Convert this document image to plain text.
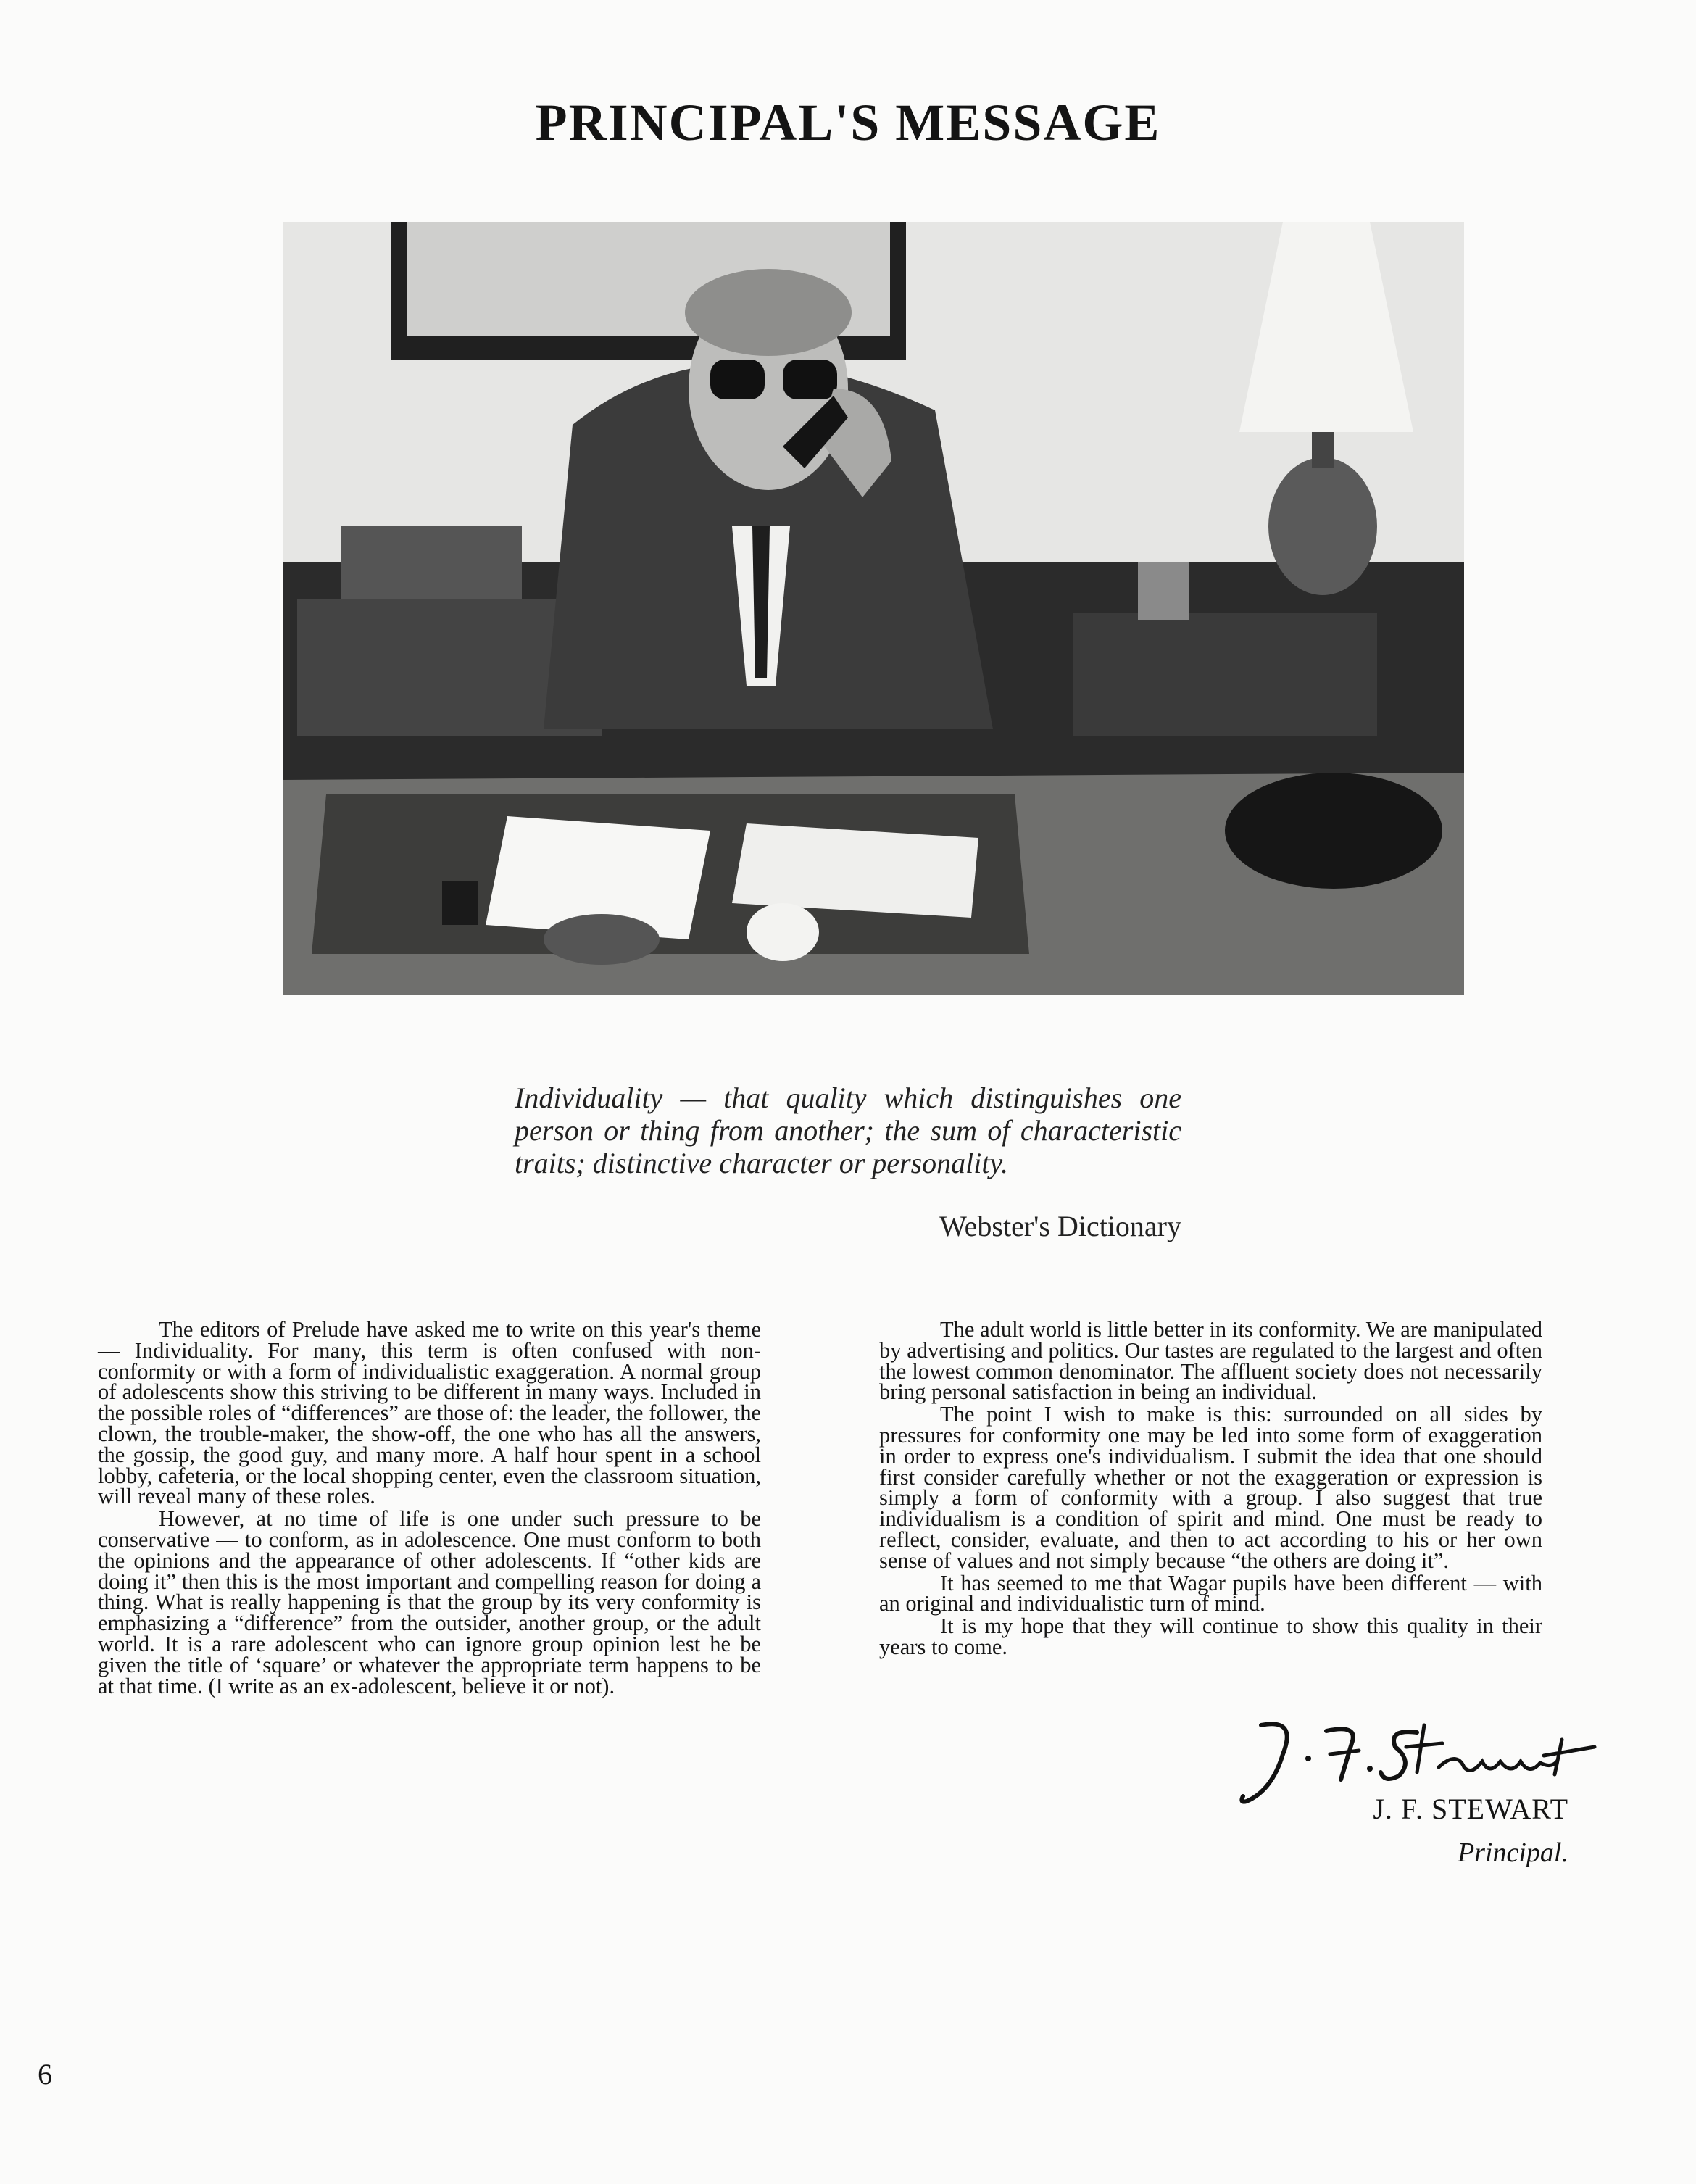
PRINCIPAL'S MESSAGE
Individuality — that quality which distinguishes one person or thing from another; the sum of characteristic traits; distinctive character or personality.
Webster's Dictionary

The editors of Prelude have asked me to write on this year's theme — Individuality. For many, this term is often confused with non-conformity or with a form of individualistic exaggeration. A normal group of adolescents show this striving to be different in many ways. Included in the possible roles of “differences” are those of: the leader, the follower, the clown, the trouble-maker, the show-off, the one who has all the answers, the gossip, the good guy, and many more. A half hour spent in a school lobby, cafeteria, or the local shopping center, even the classroom situation, will reveal many of these roles.

However, at no time of life is one under such pressure to be conservative — to conform, as in adolescence. One must conform to both the opinions and the appearance of other adolescents. If “other kids are doing it” then this is the most important and compelling reason for doing a thing. What is really happening is that the group by its very conformity is emphasizing a “difference” from the outsider, another group, or the adult world. It is a rare adolescent who can ignore group opinion lest he be given the title of ‘square’ or whatever the appropriate term happens to be at that time. (I write as an ex-adolescent, believe it or not).

The adult world is little better in its conformity. We are manipulated by advertising and politics. Our tastes are regulated to the largest and often the lowest common denominator. The affluent society does not necessarily bring personal satisfaction in being an individual.

The point I wish to make is this: surrounded on all sides by pressures for conformity one may be led into some form of exaggeration in order to express one's individualism. I submit the idea that one should first consider carefully whether or not the exaggeration or expression is simply a form of conformity with a group. I also suggest that true individualism is a condition of spirit and mind. One must be ready to reflect, consider, evaluate, and then to act according to his or her own sense of values and not simply because “the others are doing it”.

It has seemed to me that Wagar pupils have been different — with an original and individualistic turn of mind.

It is my hope that they will continue to show this quality in their years to come.

J. F. STEWART
Principal.
6
